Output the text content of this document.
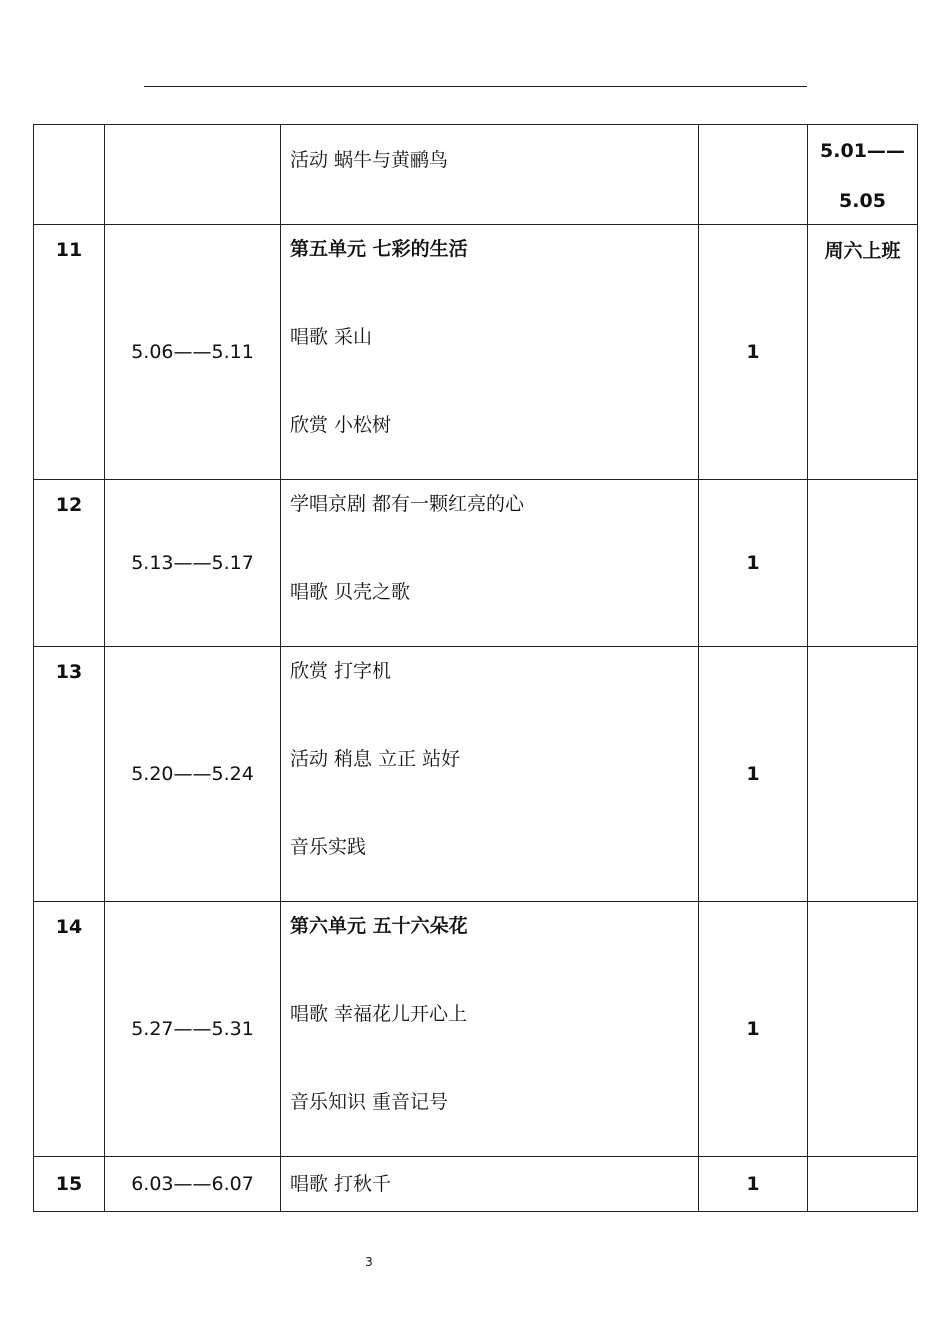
		活动 蜗牛与黄鹂鸟		5.01——
5.05

11	5.06——5.11	第五单元 七彩的生活
唱歌 采山
欣赏 小松树	1	周六上班

12	5.13——5.17	学唱京剧 都有一颗红亮的心
唱歌 贝壳之歌	1	
13	5.20——5.24	欣赏 打字机
活动 稍息 立正 站好
音乐实践	1	
14	5.27——5.31	第六单元 五十六朵花
唱歌 幸福花儿开心上
音乐知识 重音记号	1	
15	6.03——6.07	唱歌 打秋千	1	
3
